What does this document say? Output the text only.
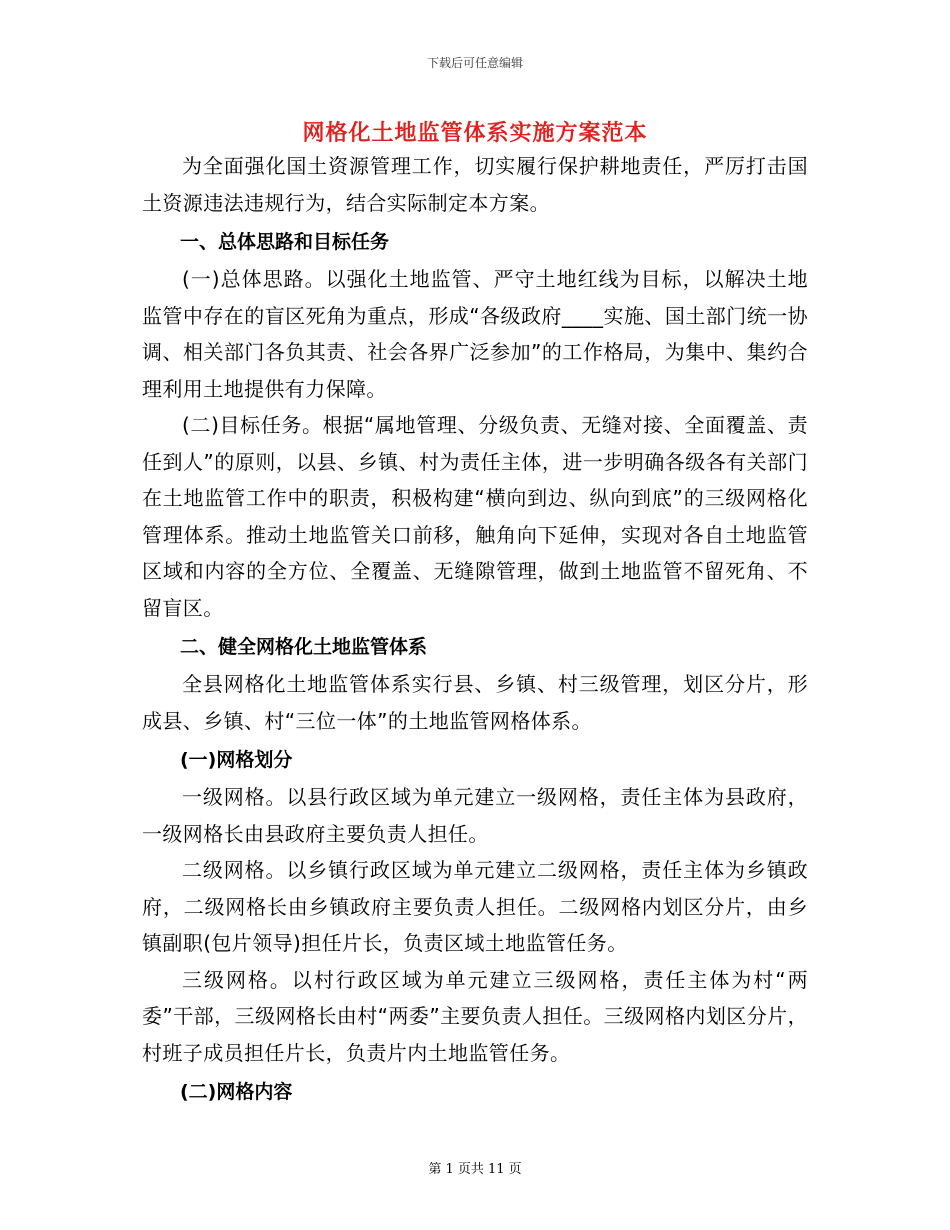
下载后可任意编辑
网格化土地监管体系实施方案范本

为全面强化国土资源管理工作，切实履行保护耕地责任，严厉打击国土资源违法违规行为，结合实际制定本方案。

一、总体思路和目标任务

(一)总体思路。以强化土地监管、严守土地红线为目标，以解决土地监管中存在的盲区死角为重点，形成“各级政府____实施、国土部门统一协调、相关部门各负其责、社会各界广泛参加”的工作格局，为集中、集约合理利用土地提供有力保障。

(二)目标任务。根据“属地管理、分级负责、无缝对接、全面覆盖、责任到人”的原则，以县、乡镇、村为责任主体，进一步明确各级各有关部门在土地监管工作中的职责，积极构建“横向到边、纵向到底”的三级网格化管理体系。推动土地监管关口前移，触角向下延伸，实现对各自土地监管区域和内容的全方位、全覆盖、无缝隙管理，做到土地监管不留死角、不留盲区。

二、健全网格化土地监管体系

全县网格化土地监管体系实行县、乡镇、村三级管理，划区分片，形成县、乡镇、村“三位一体”的土地监管网格体系。

(一)网格划分

一级网格。以县行政区域为单元建立一级网格，责任主体为县政府，一级网格长由县政府主要负责人担任。

二级网格。以乡镇行政区域为单元建立二级网格，责任主体为乡镇政府，二级网格长由乡镇政府主要负责人担任。二级网格内划区分片，由乡镇副职(包片领导)担任片长，负责区域土地监管任务。

三级网格。以村行政区域为单元建立三级网格，责任主体为村“两委”干部，三级网格长由村“两委”主要负责人担任。三级网格内划区分片，村班子成员担任片长，负责片内土地监管任务。

(二)网格内容
第 1 页共 11 页
